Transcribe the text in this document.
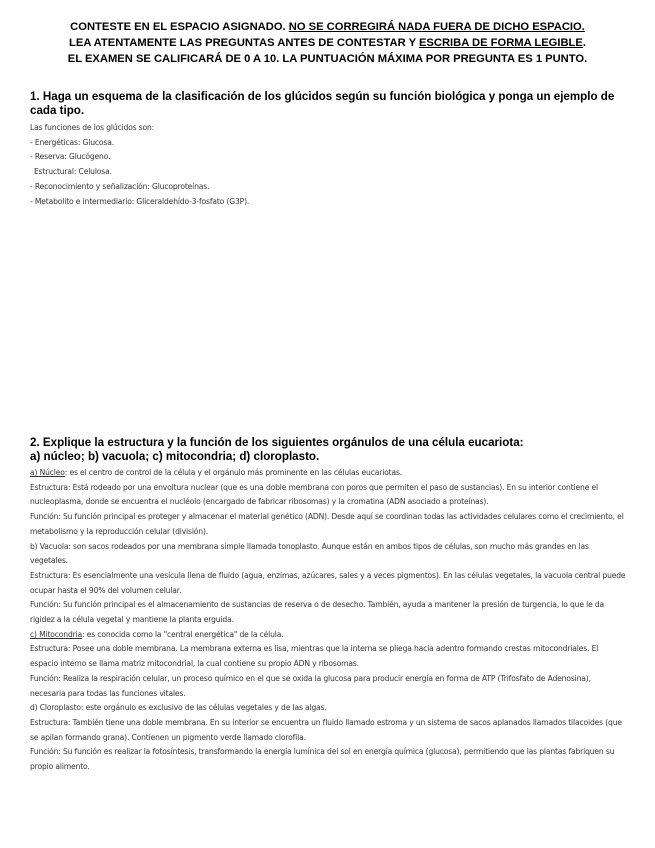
CONTESTE EN EL ESPACIO ASIGNADO. NO SE CORREGIRÁ NADA FUERA DE DICHO ESPACIO.
LEA ATENTAMENTE LAS PREGUNTAS ANTES DE CONTESTAR Y ESCRIBA DE FORMA LEGIBLE.
EL EXAMEN SE CALIFICARÁ DE 0 A 10. LA PUNTUACIÓN MÁXIMA POR PREGUNTA ES 1 PUNTO.
1. Haga un esquema de la clasificación de los glúcidos según su función biológica y ponga un ejemplo de cada tipo.

Las funciones de los glúcidos son:

- Energéticas: Glucosa.

- Reserva: Glucógeno.

Estructural: Celulosa.

- Reconocimiento y señalización: Glucoproteínas.

- Metabolito e intermediario: Gliceraldehído-3-fosfato (G3P).

2. Explique la estructura y la función de los siguientes orgánulos de una célula eucariota:
a) núcleo; b) vacuola; c) mitocondria; d) cloroplasto.

a) Núcleo: es el centro de control de la célula y el orgánulo más prominente en las células eucariotas.

Estructura: Está rodeado por una envoltura nuclear (que es una doble membrana con poros que permiten el paso de sustancias). En su interior contiene el nucleoplasma, donde se encuentra el nucléolo (encargado de fabricar ribosomas) y la cromatina (ADN asociado a proteínas).

Función: Su función principal es proteger y almacenar el material genético (ADN). Desde aquí se coordinan todas las actividades celulares como el crecimiento, el metabolismo y la reproducción celular (división).

b) Vacuola: son sacos rodeados por una membrana simple llamada tonoplasto. Aunque están en ambos tipos de células, son mucho más grandes en las vegetales.

Estructura: Es esencialmente una vesícula llena de fluido (agua, enzimas, azúcares, sales y a veces pigmentos). En las células vegetales, la vacuola central puede ocupar hasta el 90% del volumen celular.

Función: Su función principal es el almacenamiento de sustancias de reserva o de desecho. También, ayuda a mantener la presión de turgencia, lo que le da rigidez a la célula vegetal y mantiene la planta erguida.

c) Mitocondria: es conocida como la "central energética" de la célula.

Estructura: Posee una doble membrana. La membrana externa es lisa, mientras que la interna se pliega hacia adentro formando crestas mitocondriales. El espacio interno se llama matriz mitocondrial, la cual contiene su propio ADN y ribosomas.

Función: Realiza la respiración celular, un proceso químico en el que se oxida la glucosa para producir energía en forma de ATP (Trifosfato de Adenosina), necesaria para todas las funciones vitales.

d) Cloroplasto: este orgánulo es exclusivo de las células vegetales y de las algas.

Estructura: También tiene una doble membrana. En su interior se encuentra un fluido llamado estroma y un sistema de sacos aplanados llamados tilacoides (que se apilan formando grana). Contienen un pigmento verde llamado clorofila.

Función: Su función es realizar la fotosíntesis, transformando la energía lumínica del sol en energía química (glucosa), permitiendo que las plantas fabriquen su propio alimento.
